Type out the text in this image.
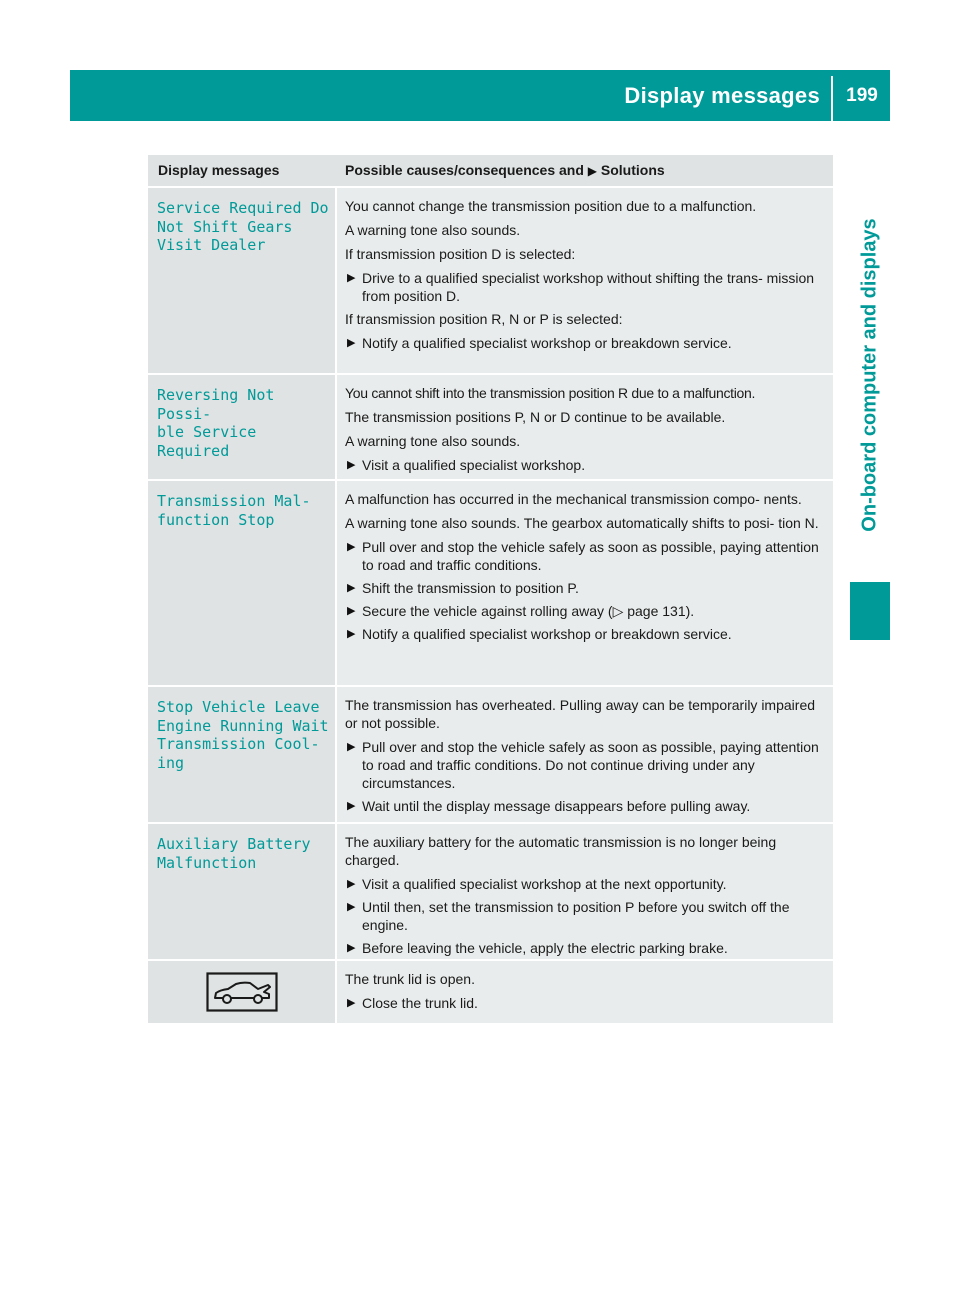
Display messages	199
On-board computer and displays
Display messages	Possible causes/consequences and ▶ Solutions
Service Required Do
Not Shift Gears
Visit Dealer

You cannot change the transmission position due to a malfunction.

A warning tone also sounds.

If transmission position D is selected:

▶ Drive to a qualified specialist workshop without shifting the trans- mission from position D.

If transmission position R, N or P is selected:

▶ Notify a qualified specialist workshop or breakdown service.

Reversing Not Possi-
ble Service Required

You cannot shift into the transmission position R due to a malfunction.

The transmission positions P, N or D continue to be available.

A warning tone also sounds.

▶ Visit a qualified specialist workshop.

Transmission Mal-
function Stop

A malfunction has occurred in the mechanical transmission compo- nents.

A warning tone also sounds. The gearbox automatically shifts to posi- tion N.

▶ Pull over and stop the vehicle safely as soon as possible, paying attention to road and traffic conditions.

▶ Shift the transmission to position P.

▶ Secure the vehicle against rolling away (▷ page 131).

▶ Notify a qualified specialist workshop or breakdown service.

Stop Vehicle Leave
Engine Running Wait
Transmission Cool-
ing

The transmission has overheated. Pulling away can be temporarily impaired or not possible.

▶ Pull over and stop the vehicle safely as soon as possible, paying attention to road and traffic conditions. Do not continue driving under any circumstances.

▶ Wait until the display message disappears before pulling away.

Auxiliary Battery
Malfunction

The auxiliary battery for the automatic transmission is no longer being charged.

▶ Visit a qualified specialist workshop at the next opportunity.

▶ Until then, set the transmission to position P before you switch off the engine.

▶ Before leaving the vehicle, apply the electric parking brake.

The trunk lid is open.

▶ Close the trunk lid.
